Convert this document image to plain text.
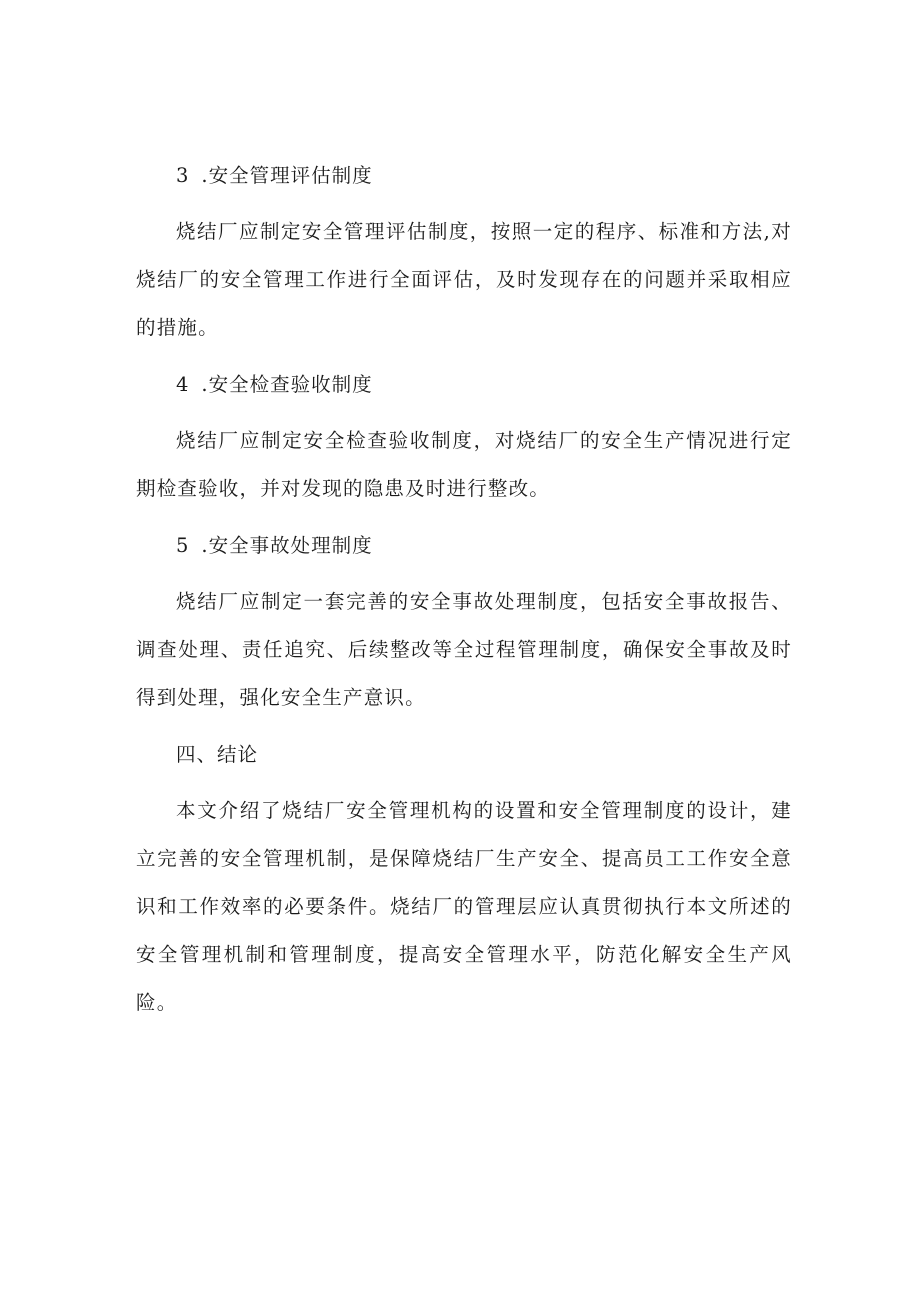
3 .安全管理评估制度

烧结厂应制定安全管理评估制度，按照一定的程序、标准和方法,对烧结厂的安全管理工作进行全面评估，及时发现存在的问题并采取相应的措施。

4 .安全检查验收制度

烧结厂应制定安全检查验收制度，对烧结厂的安全生产情况进行定期检查验收，并对发现的隐患及时进行整改。

5 .安全事故处理制度

烧结厂应制定一套完善的安全事故处理制度，包括安全事故报告、调查处理、责任追究、后续整改等全过程管理制度，确保安全事故及时得到处理，强化安全生产意识。

四、结论

本文介绍了烧结厂安全管理机构的设置和安全管理制度的设计，建立完善的安全管理机制，是保障烧结厂生产安全、提高员工工作安全意识和工作效率的必要条件。烧结厂的管理层应认真贯彻执行本文所述的安全管理机制和管理制度，提高安全管理水平，防范化解安全生产风险。
